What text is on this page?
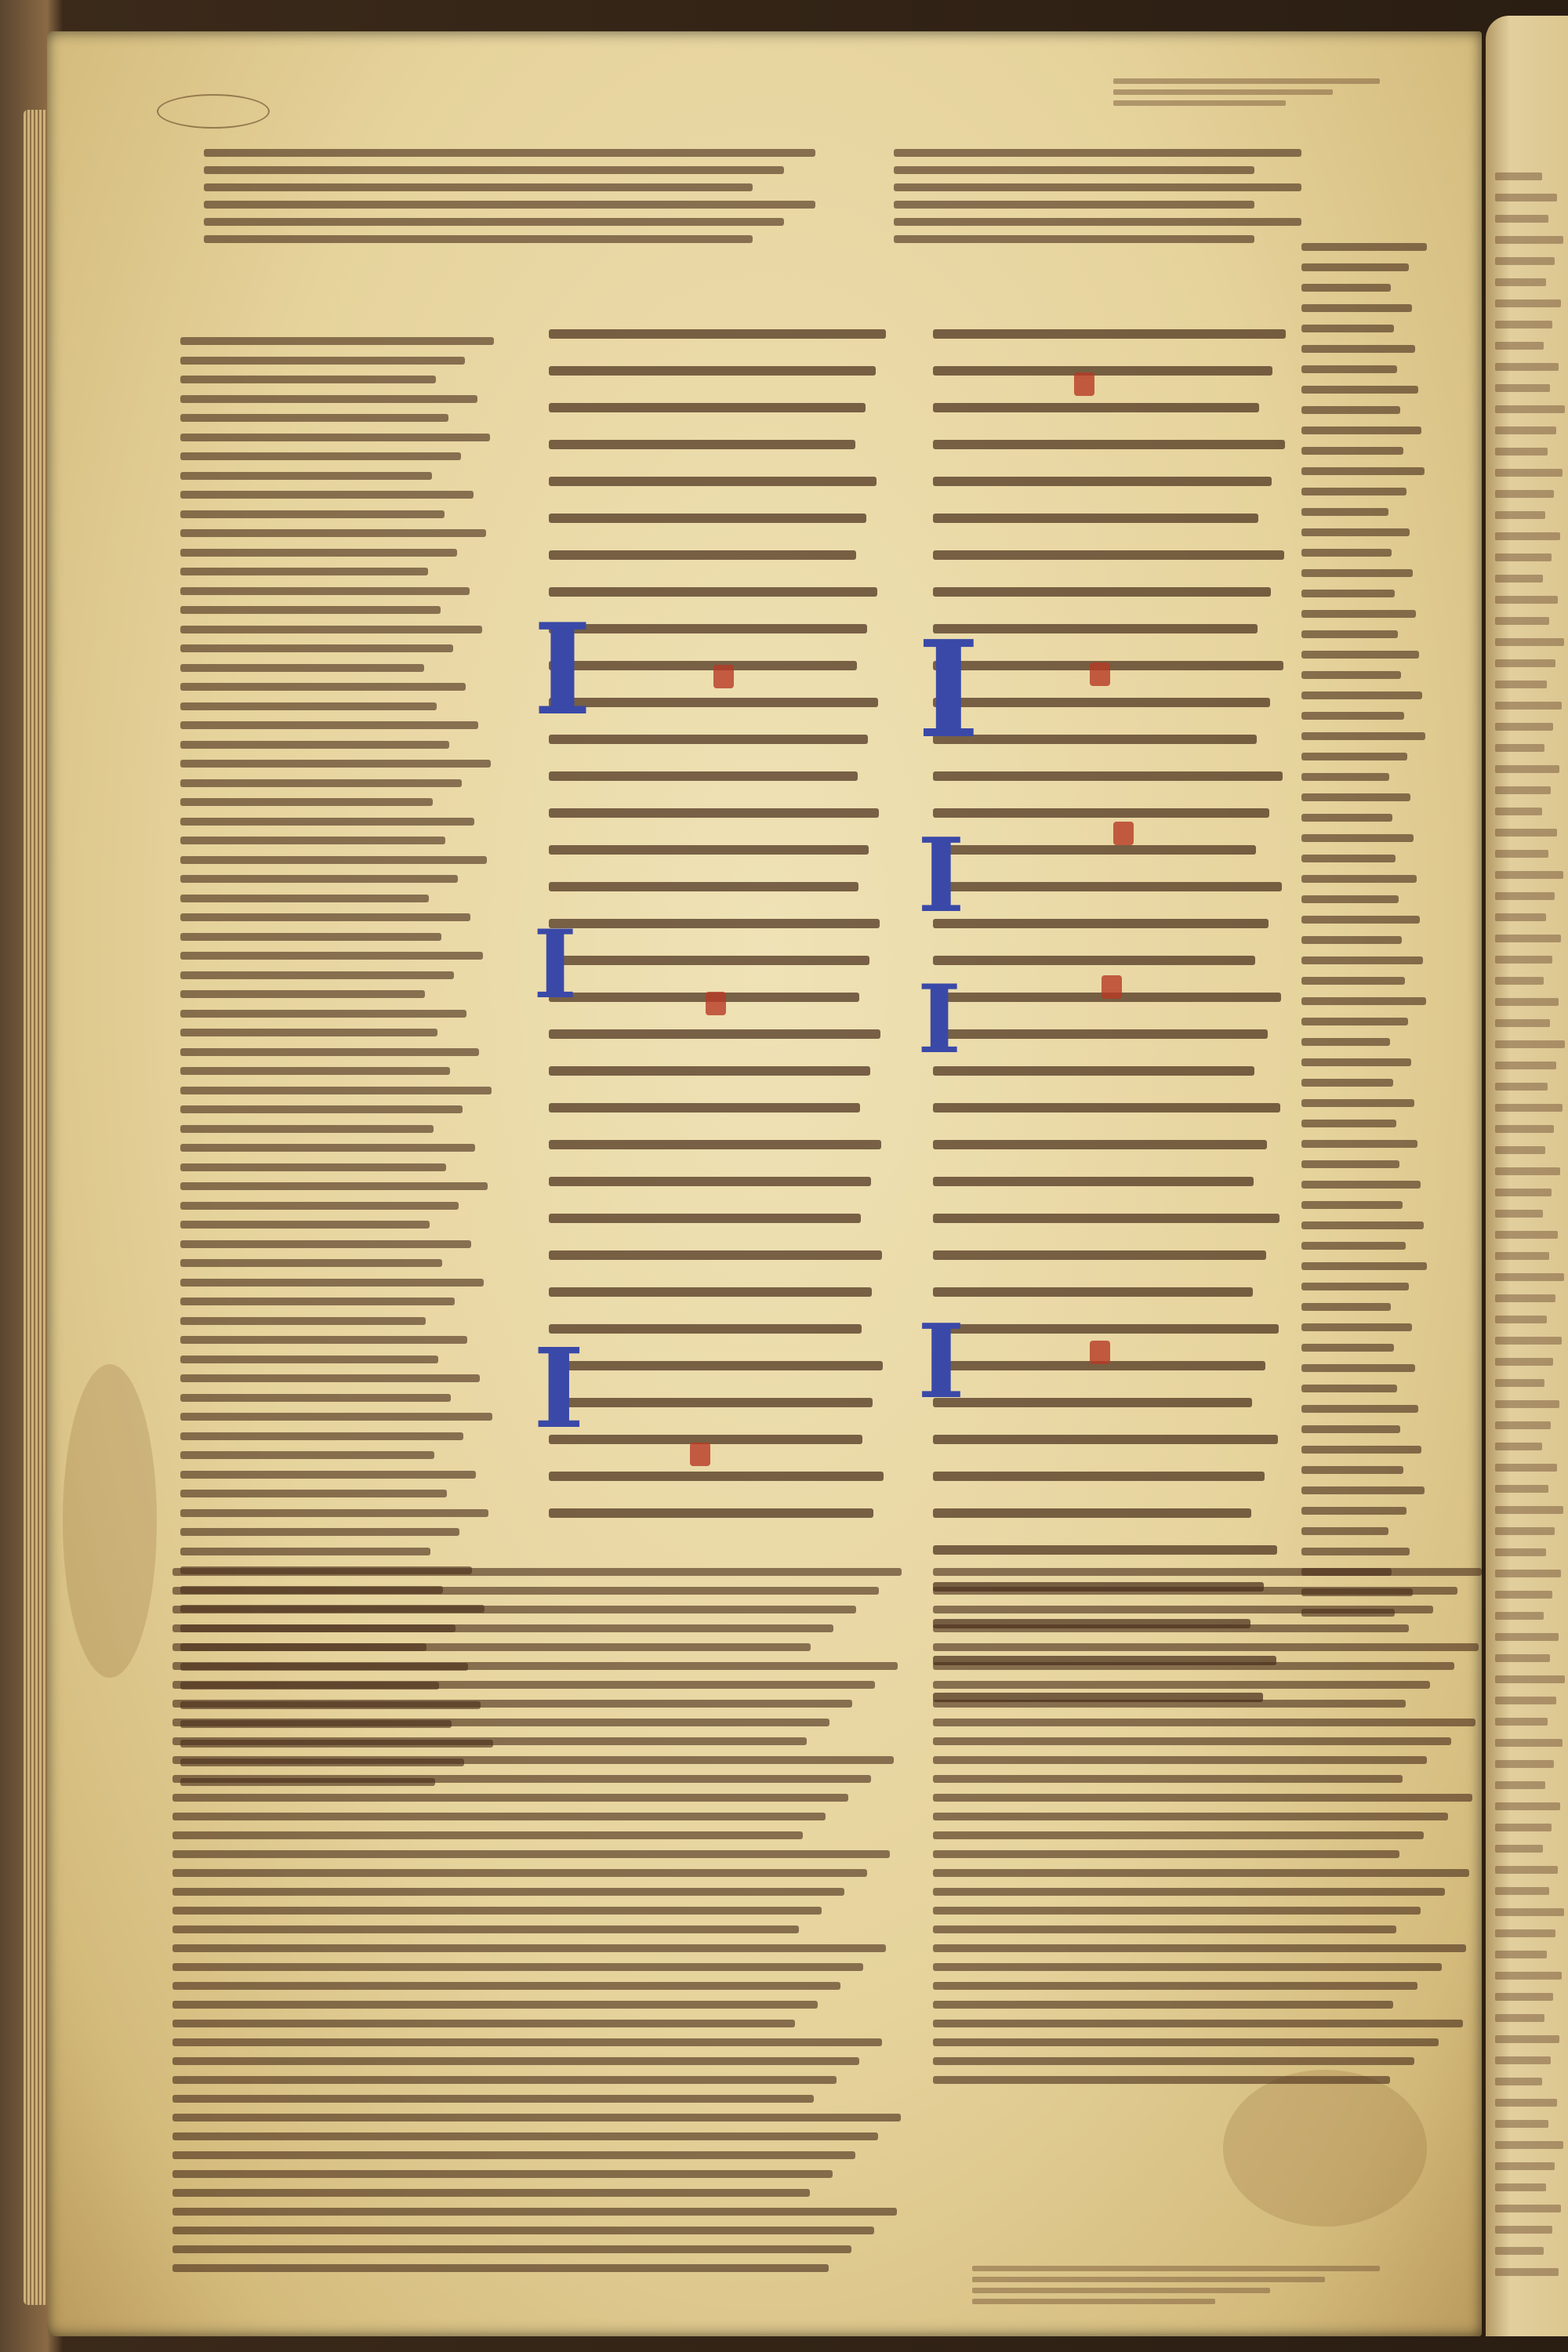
I
I
I
I
I
I
I
